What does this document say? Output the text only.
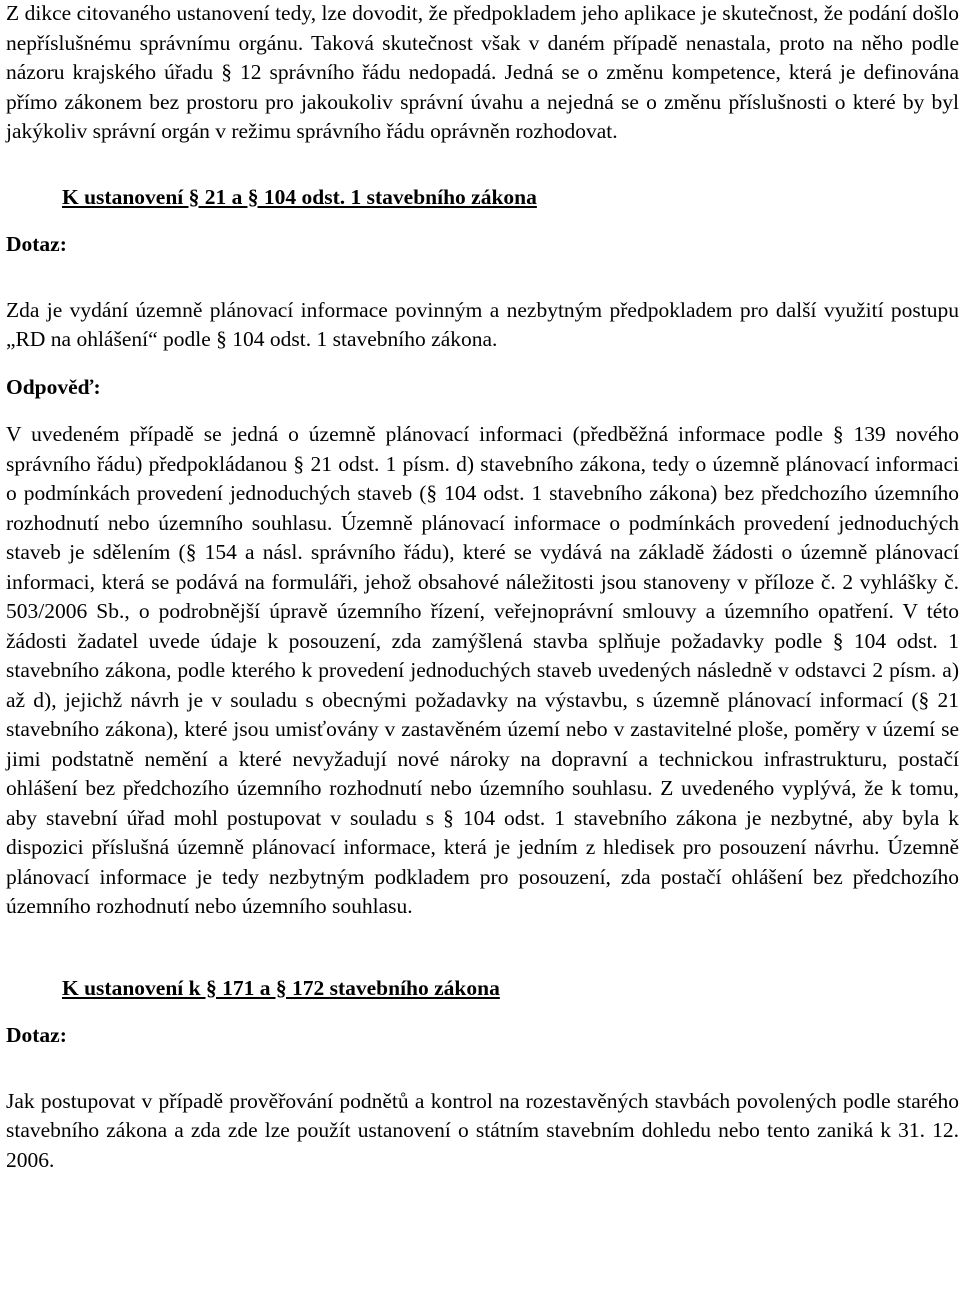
Z dikce citovaného ustanovení tedy, lze dovodit, že předpokladem jeho aplikace je skutečnost, že podání došlo nepříslušnému správnímu orgánu. Taková skutečnost však v daném případě nenastala, proto na něho podle názoru krajského úřadu § 12 správního řádu nedopadá. Jedná se o změnu kompetence, která je definována přímo zákonem bez prostoru pro jakoukoliv správní úvahu a nejedná se o změnu příslušnosti o které by byl jakýkoliv správní orgán v režimu správního řádu oprávněn rozhodovat.

K ustanovení § 21 a § 104 odst. 1 stavebního zákona

Dotaz:

Zda je vydání územně plánovací informace povinným a nezbytným předpokladem pro další využití postupu „RD na ohlášení“ podle § 104 odst. 1 stavebního zákona.

Odpověď:

V uvedeném případě se jedná o územně plánovací informaci (předběžná informace podle § 139 nového správního řádu) předpokládanou § 21 odst. 1 písm. d) stavebního zákona, tedy o územně plánovací informaci o podmínkách provedení jednoduchých staveb (§ 104 odst. 1 stavebního zákona) bez předchozího územního rozhodnutí nebo územního souhlasu. Územně plánovací informace o podmínkách provedení jednoduchých staveb je sdělením (§ 154 a násl. správního řádu), které se vydává na základě žádosti o územně plánovací informaci, která se podává na formuláři, jehož obsahové náležitosti jsou stanoveny v příloze č. 2 vyhlášky č. 503/2006 Sb., o podrobnější úpravě územního řízení, veřejnoprávní smlouvy a územního opatření. V této žádosti žadatel uvede údaje k posouzení, zda zamýšlená stavba splňuje požadavky podle § 104 odst. 1 stavebního zákona, podle kterého k provedení jednoduchých staveb uvedených následně v odstavci 2 písm. a) až d), jejichž návrh je v souladu s obecnými požadavky na výstavbu, s územně plánovací informací (§ 21 stavebního zákona), které jsou umisťovány v zastavěném území nebo v zastavitelné ploše, poměry v území se jimi podstatně nemění a které nevyžadují nové nároky na dopravní a technickou infrastrukturu, postačí ohlášení bez předchozího územního rozhodnutí nebo územního souhlasu. Z uvedeného vyplývá, že k tomu, aby stavební úřad mohl postupovat v souladu s § 104 odst. 1 stavebního zákona je nezbytné, aby byla k dispozici příslušná územně plánovací informace, která je jedním z hledisek pro posouzení návrhu. Územně plánovací informace je tedy nezbytným podkladem pro posouzení, zda postačí ohlášení bez předchozího územního rozhodnutí nebo územního souhlasu.

K ustanovení k § 171 a § 172 stavebního zákona

Dotaz:

Jak postupovat v případě prověřování podnětů a kontrol na rozestavěných stavbách povolených podle starého stavebního zákona a zda zde lze použít ustanovení o státním stavebním dohledu nebo tento zaniká k 31. 12. 2006.
